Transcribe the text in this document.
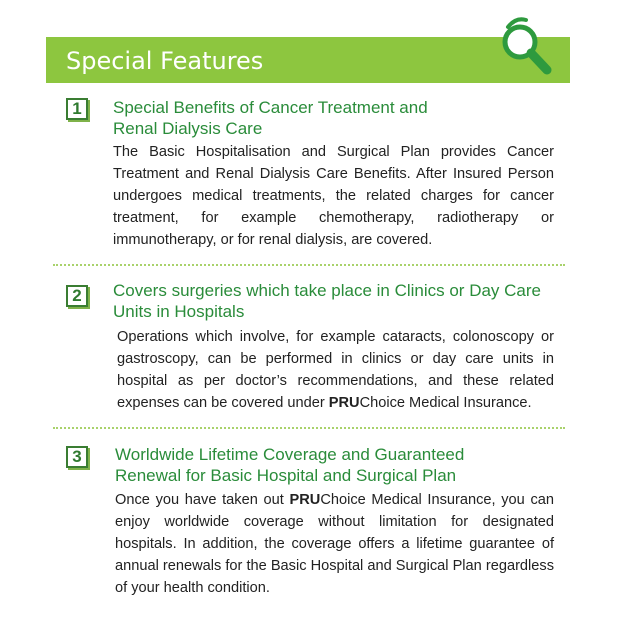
Special Features
1	Special Benefits of Cancer Treatment and
Renal Dialysis Care
The Basic Hospitalisation and Surgical Plan provides Cancer Treatment and Renal Dialysis Care Benefits. After Insured Person undergoes medical treatments, the related charges for cancer treatment, for example chemotherapy, radiotherapy or immunotherapy, or for renal dialysis, are covered.
2	Covers surgeries which take place in Clinics or Day Care
Units in Hospitals
Operations which involve, for example cataracts, colonoscopy or gastroscopy, can be performed in clinics or day care units in hospital as per doctor’s recommendations, and these related expenses can be covered under PRUChoice Medical Insurance.
3	Worldwide Lifetime Coverage and Guaranteed
Renewal for Basic Hospital and Surgical Plan
Once you have taken out PRUChoice Medical Insurance, you can enjoy worldwide coverage without limitation for designated hospitals. In addition, the coverage offers a lifetime guarantee of annual renewals for the Basic Hospital and Surgical Plan regardless of your health condition.
